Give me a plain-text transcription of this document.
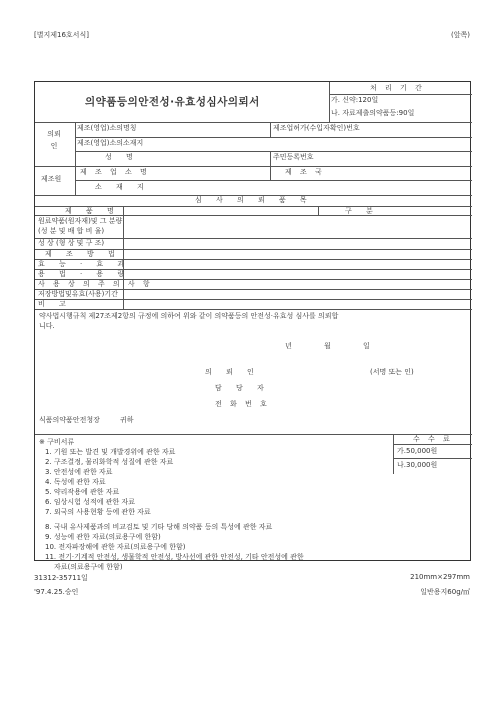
[별지제16호서식]	(앞쪽)
의약품등의안전성·유효성심사의뢰서
처 리 기 간
가. 신약:120일
나. 자료제출의약품등:90일
의뢰인
제조(영업)소의명칭	제조업허가(수입자확인)번호
제조(영업)소의소재지
성 명	주민등록번호
제조원
제 조 업 소 명	제 조 국
소 재 지
심 사 의 뢰 품 목
제 품 명	구 분
원료약품(원자재)및 그 분량
(성 분 및 배 합 비 율)
성 상 (형 상 및 구 조)
제 조 방 법
효 능 · 효 과
용 법 · 용 량
사 용 상 의 주 의 사 항
저장방법및유효(사용)기간
비 고
약사법시행규칙 제27조제2항의 규정에 의하여 위와 같이 의약품등의 안전성·유효성 심사를 의뢰합
니다.
년 월 일
의 뢰 인	(서명 또는 인)
담 당 자
전 화 번 호
식품의약품안전청장	귀하
※ 구비서류
1. 기원 또는 발견 및 개발경위에 관한 자료
2. 구조결정, 물리화학적 성질에 관한 자료
3. 안전성에 관한 자료
4. 독성에 관한 자료
5. 약리작용에 관한 자료
6. 임상시험 성적에 관한 자료
7. 외국의 사용현황 등에 관한 자료
8. 국내 유사제품과의 비교검토 및 기타 당해 의약품 등의 특성에 관한 자료
9. 성능에 관한 자료(의료용구에 한함)
10. 전자파장해에 관한 자료(의료용구에 한함)
11. 전기·기계적 안전성, 생물학적 안전성, 방사선에 관한 안전성, 기타 안전성에 관한
수 수 료
가.50,000원
나.30,000원
자료(의료용구에 한함)
31312-35711일
'97.4.25.승인
210mm×297mm
일반용지60g/㎡
